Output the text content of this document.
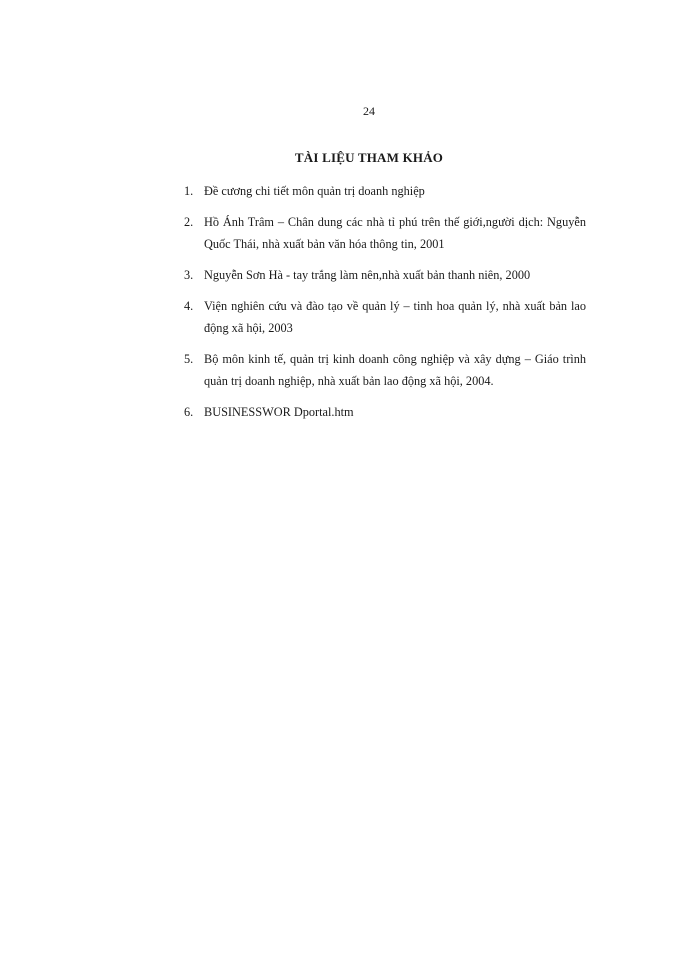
24
TÀI LIỆU THAM KHẢO
1. Đề cương chi tiết môn quản trị doanh nghiệp
2. Hồ Ánh Trâm – Chân dung các nhà tỉ phú trên thế giới,người dịch: Nguyễn Quốc Thái, nhà xuất bản văn hóa thông tin, 2001
3. Nguyễn Sơn Hà - tay trắng làm nên,nhà xuất bản thanh niên, 2000
4. Viện nghiên cứu và đào tạo về quản lý – tinh hoa quản lý, nhà xuất bản lao động xã hội, 2003
5. Bộ môn kinh tế, quản trị kinh doanh công nghiệp và xây dựng – Giáo trình quản trị doanh nghiệp, nhà xuất bản lao động xã hội, 2004.
6. BUSINESSWOR Dportal.htm
